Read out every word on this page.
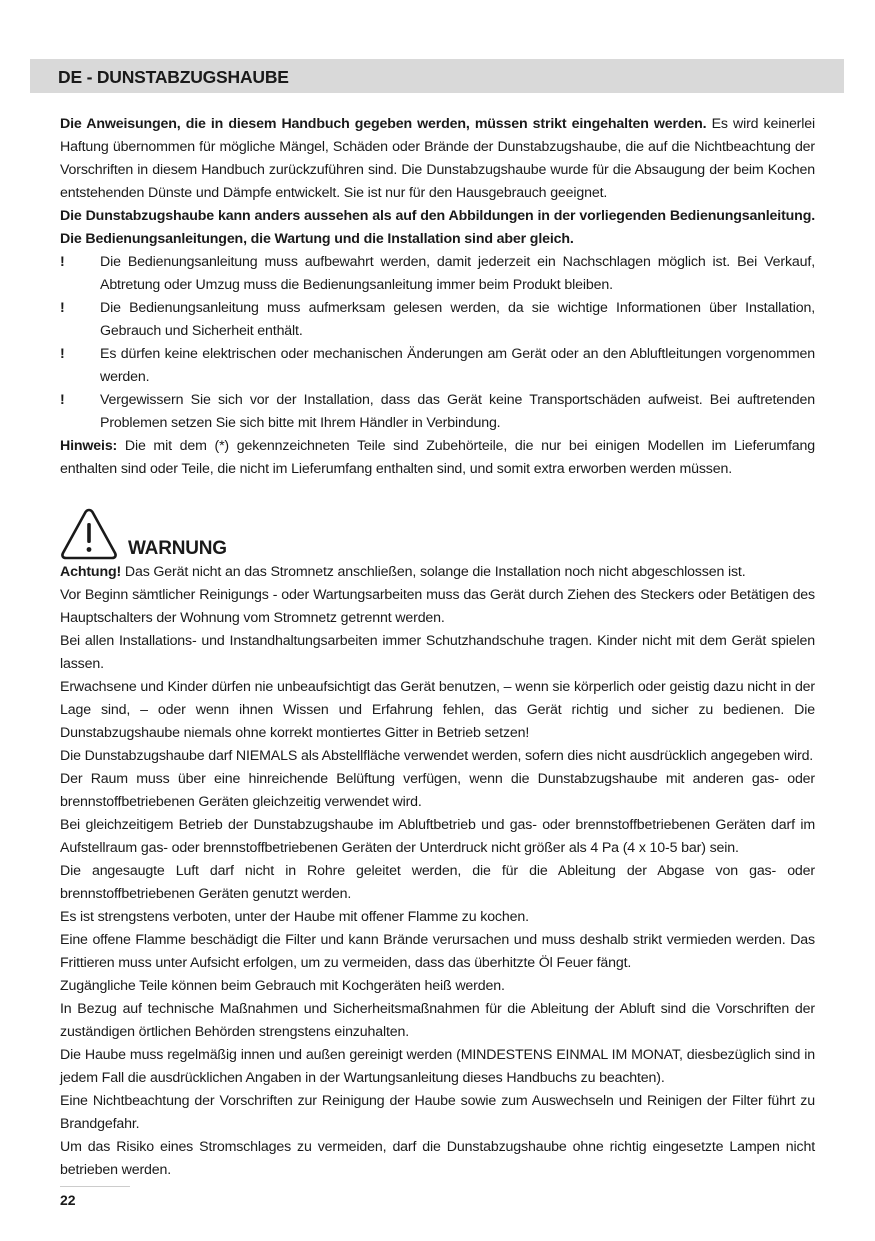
DE - DUNSTABZUGSHAUBE

Die Anweisungen, die in diesem Handbuch gegeben werden, müssen strikt eingehalten werden. Es wird keinerlei Haftung übernommen für mögliche Mängel, Schäden oder Brände der Dunstabzugshaube, die auf die Nichtbeachtung der Vorschriften in diesem Handbuch zurückzuführen sind. Die Dunstabzugshaube wurde für die Absaugung der beim Kochen entstehenden Dünste und Dämpfe entwickelt. Sie ist nur für den Hausgebrauch geeignet.

Die Dunstabzugshaube kann anders aussehen als auf den Abbildungen in der vorliegenden Bedienungsanleitung. Die Bedienungsanleitungen, die Wartung und die Installation sind aber gleich.

!	Die Bedienungsanleitung muss aufbewahrt werden, damit jederzeit ein Nachschlagen möglich ist. Bei Verkauf, Abtretung oder Umzug muss die Bedienungsanleitung immer beim Produkt bleiben.
!	Die Bedienungsanleitung muss aufmerksam gelesen werden, da sie wichtige Informationen über Installation, Gebrauch und Sicherheit enthält.
!	Es dürfen keine elektrischen oder mechanischen Änderungen am Gerät oder an den Abluftleitungen vorgenommen werden.
!	Vergewissern Sie sich vor der Installation, dass das Gerät keine Transportschäden aufweist. Bei auftretenden Problemen setzen Sie sich bitte mit Ihrem Händler in Verbindung.

Hinweis: Die mit dem (*) gekennzeichneten Teile sind Zubehörteile, die nur bei einigen Modellen im Lieferumfang enthalten sind oder Teile, die nicht im Lieferumfang enthalten sind, und somit extra erworben werden müssen.

WARNUNG

Achtung! Das Gerät nicht an das Stromnetz anschließen, solange die Installation noch nicht abgeschlossen ist.

Vor Beginn sämtlicher Reinigungs - oder Wartungsarbeiten muss das Gerät durch Ziehen des Steckers oder Betätigen des Hauptschalters der Wohnung vom Stromnetz getrennt werden.

Bei allen Installations- und Instandhaltungsarbeiten immer Schutzhandschuhe tragen. Kinder nicht mit dem Gerät spielen lassen.

Erwachsene und Kinder dürfen nie unbeaufsichtigt das Gerät benutzen, – wenn sie körperlich oder geistig dazu nicht in der Lage sind, – oder wenn ihnen Wissen und Erfahrung fehlen, das Gerät richtig und sicher zu bedienen. Die Dunstabzugshaube niemals ohne korrekt montiertes Gitter in Betrieb setzen!

Die Dunstabzugshaube darf NIEMALS als Abstellfläche verwendet werden, sofern dies nicht ausdrücklich angegeben wird.

Der Raum muss über eine hinreichende Belüftung verfügen, wenn die Dunstabzugshaube mit anderen gas- oder brennstoffbetriebenen Geräten gleichzeitig verwendet wird.

Bei gleichzeitigem Betrieb der Dunstabzugshaube im Abluftbetrieb und gas- oder brennstoffbetriebenen Geräten darf im Aufstellraum gas- oder brennstoffbetriebenen Geräten der Unterdruck nicht größer als 4 Pa (4 x 10-5 bar) sein.

Die angesaugte Luft darf nicht in Rohre geleitet werden, die für die Ableitung der Abgase von gas- oder brennstoffbetriebenen Geräten genutzt werden.

Es ist strengstens verboten, unter der Haube mit offener Flamme zu kochen.

Eine offene Flamme beschädigt die Filter und kann Brände verursachen und muss deshalb strikt vermieden werden. Das Frittieren muss unter Aufsicht erfolgen, um zu vermeiden, dass das überhitzte Öl Feuer fängt.

Zugängliche Teile können beim Gebrauch mit Kochgeräten heiß werden.

In Bezug auf technische Maßnahmen und Sicherheitsmaßnahmen für die Ableitung der Abluft sind die Vorschriften der zuständigen örtlichen Behörden strengstens einzuhalten.

Die Haube muss regelmäßig innen und außen gereinigt werden (MINDESTENS EINMAL IM MONAT, diesbezüglich sind in jedem Fall die ausdrücklichen Angaben in der Wartungsanleitung dieses Handbuchs zu beachten).

Eine Nichtbeachtung der Vorschriften zur Reinigung der Haube sowie zum Auswechseln und Reinigen der Filter führt zu Brandgefahr.

Um das Risiko eines Stromschlages zu vermeiden, darf die Dunstabzugshaube ohne richtig eingesetzte Lampen nicht betrieben werden.

22
